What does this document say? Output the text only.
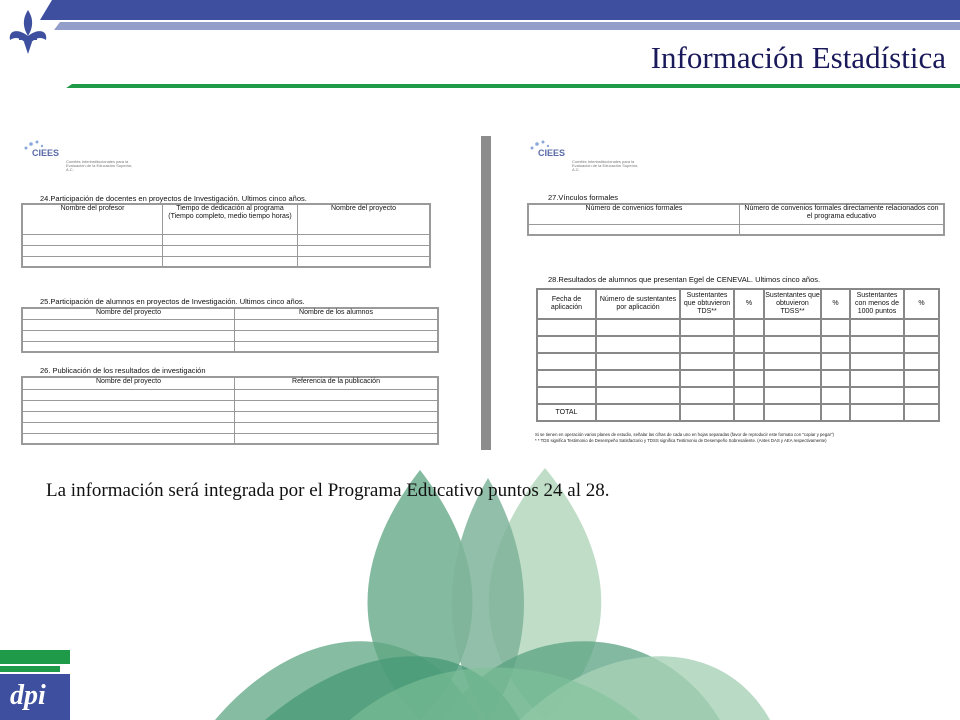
Información Estadística
CIEES
Comités Interinstitucionales para la Evaluación de la Educación Superior, A.C.
24.Participación de docentes en proyectos de Investigación. Ultimos cinco años.
Nombre del profesor	Tiempo de dedicación al programa (Tiempo completo, medio tiempo horas)	Nombre del proyecto

25.Participación de alumnos en proyectos de Investigación. Ultimos cinco años.
Nombre del proyecto	Nombre de los alumnos

26. Publicación de los resultados de investigación
Nombre del proyecto	Referencia de la publicación

CIEES
Comités Interinstitucionales para la Evaluación de la Educación Superior, A.C.
27.Vínculos formales
Número de convenios formales	Número de convenios formales directamente relacionados con el programa educativo

28.Resultados de alumnos que presentan Egel de CENEVAL. Ultimos cinco años.
Fecha de aplicación	Número de sustentantes por aplicación	Sustentantes que obtuvieron TDS**	%	Sustentantes que obtuvieron TDSS**	%	Sustentantes con menos de 1000 puntos	%

TOTAL							
Si se tienen en operación varios planes de estudio, señalar las cifras de cada uno en hojas separadas (favor de reproducir este formato con "copiar y pegar")
* * TDS significa Testimonio de Desempeño Satisfactorio y TDSS significa Testimonio de Desempeño Sobresaliente. (Antes DAS y AEA respectivamente)
dpi
La información será integrada por el Programa Educativo puntos 24 al 28.
